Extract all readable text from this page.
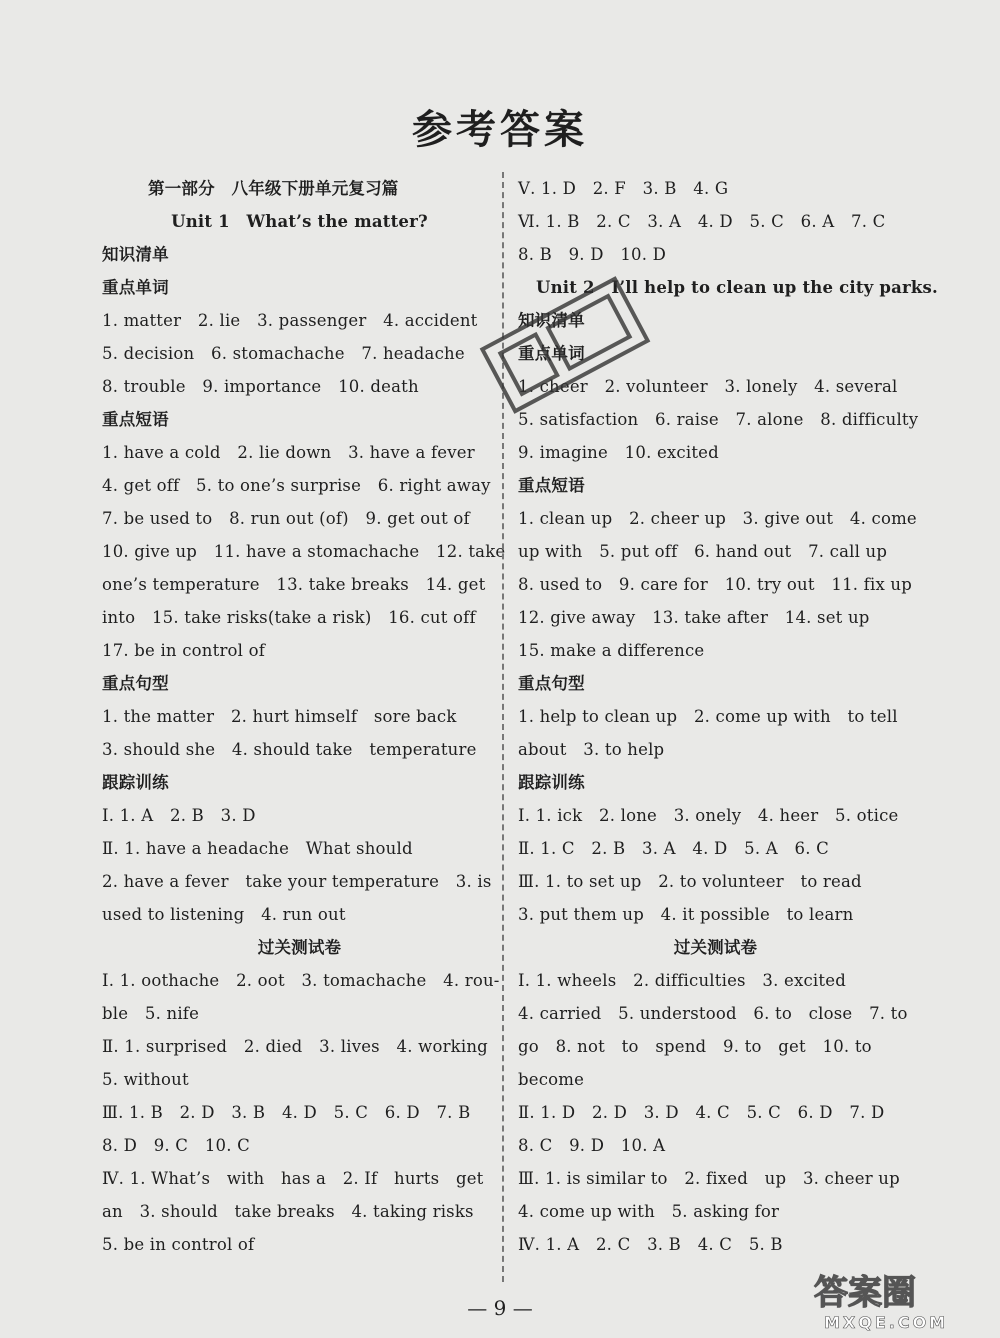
参考答案
第一部分　八年级下册单元复习篇
Unit 1　What’s the matter?
知识清单
重点单词
1. matter　2. lie　3. passenger　4. accident
5. decision　6. stomachache　7. headache
8. trouble　9. importance　10. death
重点短语
1. have a cold　2. lie down　3. have a fever
4. get off　5. to one’s surprise　6. right away
7. be used to　8. run out (of)　9. get out of
10. give up　11. have a stomachache　12. take
one’s temperature　13. take breaks　14. get
into　15. take risks(take a risk)　16. cut off
17. be in control of
重点句型
1. the matter　2. hurt himself　sore back
3. should she　4. should take　temperature
跟踪训练
Ⅰ. 1. A　2. B　3. D
Ⅱ. 1. have a headache　What should
2. have a fever　take your temperature　3. is
used to listening　4. run out
过关测试卷
Ⅰ. 1. oothache　2. oot　3. tomachache　4. rou-
ble　5. nife
Ⅱ. 1. surprised　2. died　3. lives　4. working
5. without
Ⅲ. 1. B　2. D　3. B　4. D　5. C　6. D　7. B
8. D　9. C　10. C
Ⅳ. 1. What’s　with　has a　2. If　hurts　get
an　3. should　take breaks　4. taking risks
5. be in control of
Ⅴ. 1. D　2. F　3. B　4. G
Ⅵ. 1. B　2. C　3. A　4. D　5. C　6. A　7. C
8. B　9. D　10. D
Unit 2　I’ll help to clean up the city parks.
知识清单
重点单词
1. cheer　2. volunteer　3. lonely　4. several
5. satisfaction　6. raise　7. alone　8. difficulty
9. imagine　10. excited
重点短语
1. clean up　2. cheer up　3. give out　4. come
up with　5. put off　6. hand out　7. call up
8. used to　9. care for　10. try out　11. fix up
12. give away　13. take after　14. set up
15. make a difference
重点句型
1. help to clean up　2. come up with　to tell
about　3. to help
跟踪训练
Ⅰ. 1. ick　2. lone　3. onely　4. heer　5. otice
Ⅱ. 1. C　2. B　3. A　4. D　5. A　6. C
Ⅲ. 1. to set up　2. to volunteer　to read
3. put them up　4. it possible　to learn
过关测试卷
Ⅰ. 1. wheels　2. difficulties　3. excited
4. carried　5. understood　6. to　close　7. to
go　8. not　to　spend　9. to　get　10. to
become
Ⅱ. 1. D　2. D　3. D　4. C　5. C　6. D　7. D
8. C　9. D　10. A
Ⅲ. 1. is similar to　2. fixed　up　3. cheer up
4. come up with　5. asking for
Ⅳ. 1. A　2. C　3. B　4. C　5. B
— 9 —	答案圈
MXQE.COM
